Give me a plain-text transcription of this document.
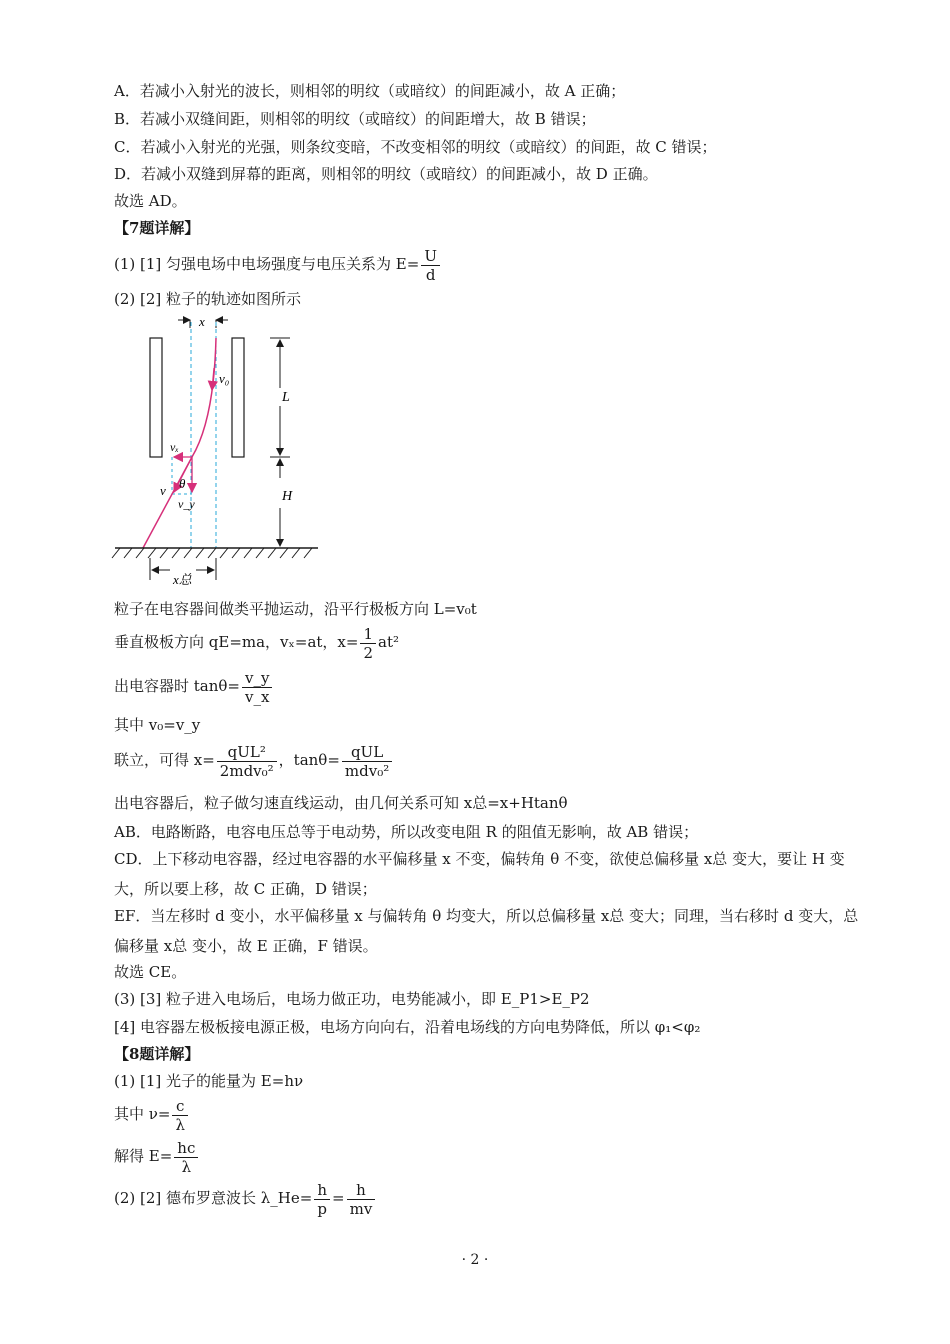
A．若减小入射光的波长，则相邻的明纹（或暗纹）的间距减小，故 A 正确；
B．若减小双缝间距，则相邻的明纹（或暗纹）的间距增大，故 B 错误；
C．若减小入射光的光强，则条纹变暗，不改变相邻的明纹（或暗纹）的间距，故 C 错误；
D．若减小双缝到屏幕的距离，则相邻的明纹（或暗纹）的间距减小，故 D 正确。
故选 AD。
【7题详解】
(1) [1] 匀强电场中电场强度与电压关系为 $E= \frac{U}{d}$
(2) [2] 粒子的轨迹如图所示
x
v₀
vₓ
θ
v
v_y
L
H
x总
粒子在电容器间做类平抛运动，沿平行极板方向 L=v₀t
垂直极板方向 qE=ma，vₓ=at，$x= \frac{1}{2} at^2$
出电容器时 $\tan\theta= \frac{v\_y}{v\_x}$
其中 v₀=v_y
联立，可得 $x= \frac{\text{qUL²}}{\text{2mdv₀²}}$ ，$\tan\theta= \frac{\text{qUL}}{\text{mdv₀²}}$
出电容器后，粒子做匀速直线运动，由几何关系可知 x总=x+Htanθ
AB．电路断路，电容电压总等于电动势，所以改变电阻 R 的阻值无影响，故 AB 错误；
CD．上下移动电容器，经过电容器的水平偏移量 x 不变，偏转角 θ 不变，欲使总偏移量 x总 变大，要让 H 变大，所以要上移，故 C 正确，D 错误；
EF．当左移时 d 变小，水平偏移量 x 与偏转角 θ 均变大，所以总偏移量 x总 变大；同理，当右移时 d 变大，总偏移量 x总 变小，故 E 正确，F 错误。
故选 CE。
(3) [3] 粒子进入电场后，电场力做正功，电势能减小，即 E_P1>E_P2
[4] 电容器左极板接电源正极，电场方向向右，沿着电场线的方向电势降低，所以 φ₁<φ₂
【8题详解】
(1) [1] 光子的能量为 E=hν
其中 $\nu= \frac{c}{\lambda}$
解得 $E= \frac{hc}{\lambda}$
(2) [2] 德布罗意波长 λ_He= $\frac{h}{p} = \frac{h}{mv}$
· 2 ·
